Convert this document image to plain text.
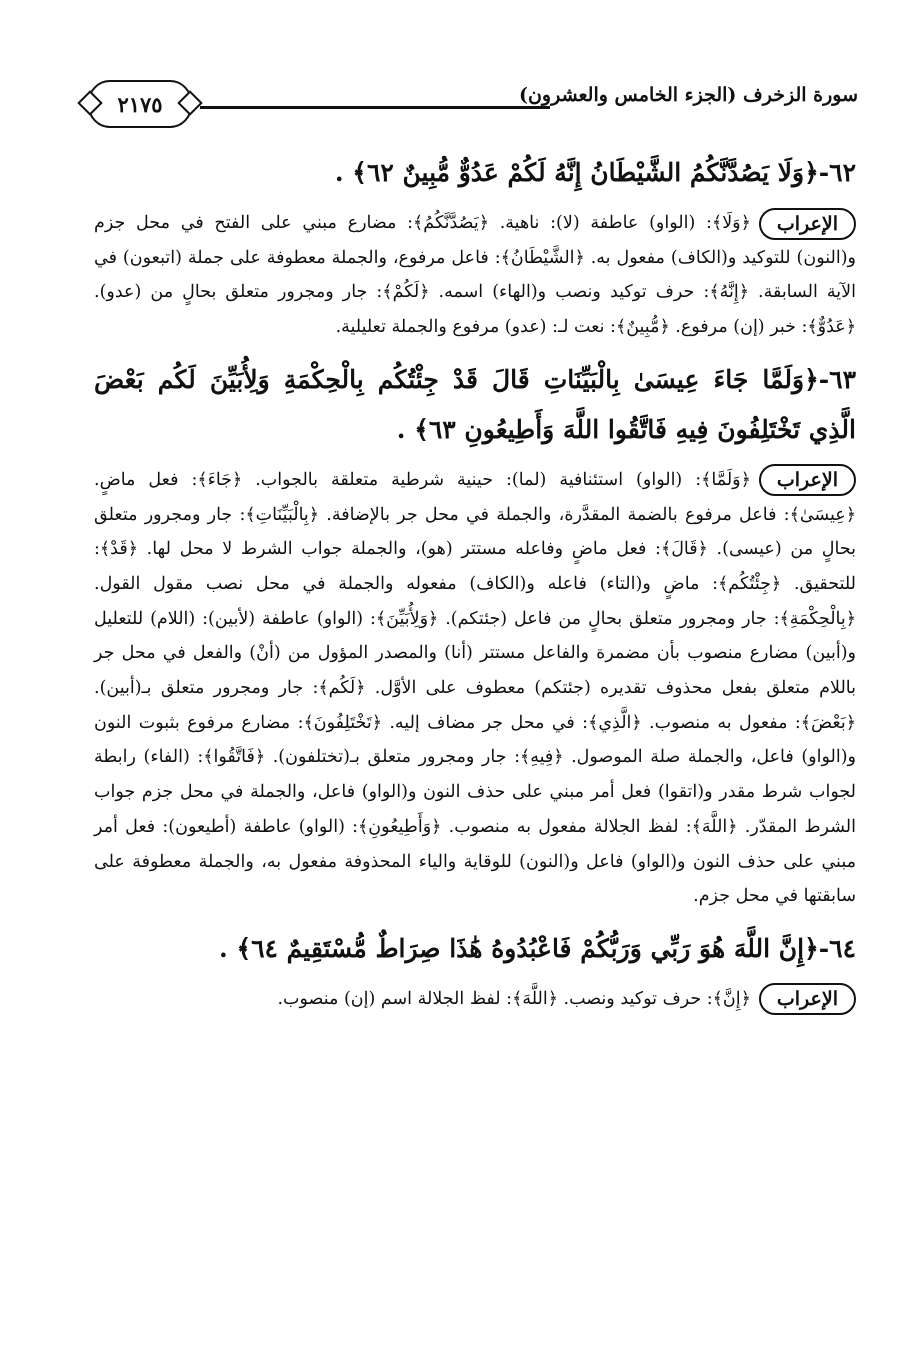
سورة الزخرف (الجزء الخامس والعشرون)
٢١٧٥

٦٢-﴿وَلَا يَصُدَّنَّكُمُ الشَّيْطَانُ إِنَّهُ لَكُمْ عَدُوٌّ مُّبِينٌ ٦٢﴾ .

الإعراب﴿وَلَا﴾: (الواو) عاطفة (لا): ناهية. ﴿يَصُدَّنَّكُمُ﴾: مضارع مبني على الفتح في محل جزم و(النون) للتوكيد و(الكاف) مفعول به. ﴿الشَّيْطَانُ﴾: فاعل مرفوع، والجملة معطوفة على جملة (اتبعون) في الآية السابقة. ﴿إِنَّهُ﴾: حرف توكيد ونصب و(الهاء) اسمه. ﴿لَكُمْ﴾: جار ومجرور متعلق بحالٍ من (عدو). ﴿عَدُوٌّ﴾: خبر (إن) مرفوع. ﴿مُّبِينٌ﴾: نعت لـ: (عدو) مرفوع والجملة تعليلية.

٦٣-﴿وَلَمَّا جَاءَ عِيسَىٰ بِالْبَيِّنَاتِ قَالَ قَدْ جِئْتُكُم بِالْحِكْمَةِ وَلِأُبَيِّنَ لَكُم بَعْضَ الَّذِي تَخْتَلِفُونَ فِيهِ فَاتَّقُوا اللَّهَ وَأَطِيعُونِ ٦٣﴾ .

الإعراب﴿وَلَمَّا﴾: (الواو) استئنافية (لما): حينية شرطية متعلقة بالجواب. ﴿جَاءَ﴾: فعل ماضٍ. ﴿عِيسَىٰ﴾: فاعل مرفوع بالضمة المقدَّرة، والجملة في محل جر بالإضافة. ﴿بِالْبَيِّنَاتِ﴾: جار ومجرور متعلق بحالٍ من (عيسى). ﴿قَالَ﴾: فعل ماضٍ وفاعله مستتر (هو)، والجملة جواب الشرط لا محل لها. ﴿قَدْ﴾: للتحقيق. ﴿جِئْتُكُم﴾: ماضٍ و(التاء) فاعله و(الكاف) مفعوله والجملة في محل نصب مقول القول. ﴿بِالْحِكْمَةِ﴾: جار ومجرور متعلق بحالٍ من فاعل (جئتكم). ﴿وَلِأُبَيِّنَ﴾: (الواو) عاطفة (لأبين): (اللام) للتعليل و(أبين) مضارع منصوب بأن مضمرة والفاعل مستتر (أنا) والمصدر المؤول من (أنْ) والفعل في محل جر باللام متعلق بفعل محذوف تقديره (جئتكم) معطوف على الأوَّل. ﴿لَكُم﴾: جار ومجرور متعلق بـ(أبين). ﴿بَعْضَ﴾: مفعول به منصوب. ﴿الَّذِي﴾: في محل جر مضاف إليه. ﴿تَخْتَلِفُونَ﴾: مضارع مرفوع بثبوت النون و(الواو) فاعل، والجملة صلة الموصول. ﴿فِيهِ﴾: جار ومجرور متعلق بـ(تختلفون). ﴿فَاتَّقُوا﴾: (الفاء) رابطة لجواب شرط مقدر و(اتقوا) فعل أمر مبني على حذف النون و(الواو) فاعل، والجملة في محل جزم جواب الشرط المقدّر. ﴿اللَّهَ﴾: لفظ الجلالة مفعول به منصوب. ﴿وَأَطِيعُونِ﴾: (الواو) عاطفة (أطيعون): فعل أمر مبني على حذف النون و(الواو) فاعل و(النون) للوقاية والياء المحذوفة مفعول به، والجملة معطوفة على سابقتها في محل جزم.

٦٤-﴿إِنَّ اللَّهَ هُوَ رَبِّي وَرَبُّكُمْ فَاعْبُدُوهُ هَٰذَا صِرَاطٌ مُّسْتَقِيمٌ ٦٤﴾ .

الإعراب﴿إِنَّ﴾: حرف توكيد ونصب. ﴿اللَّهَ﴾: لفظ الجلالة اسم (إن) منصوب.
